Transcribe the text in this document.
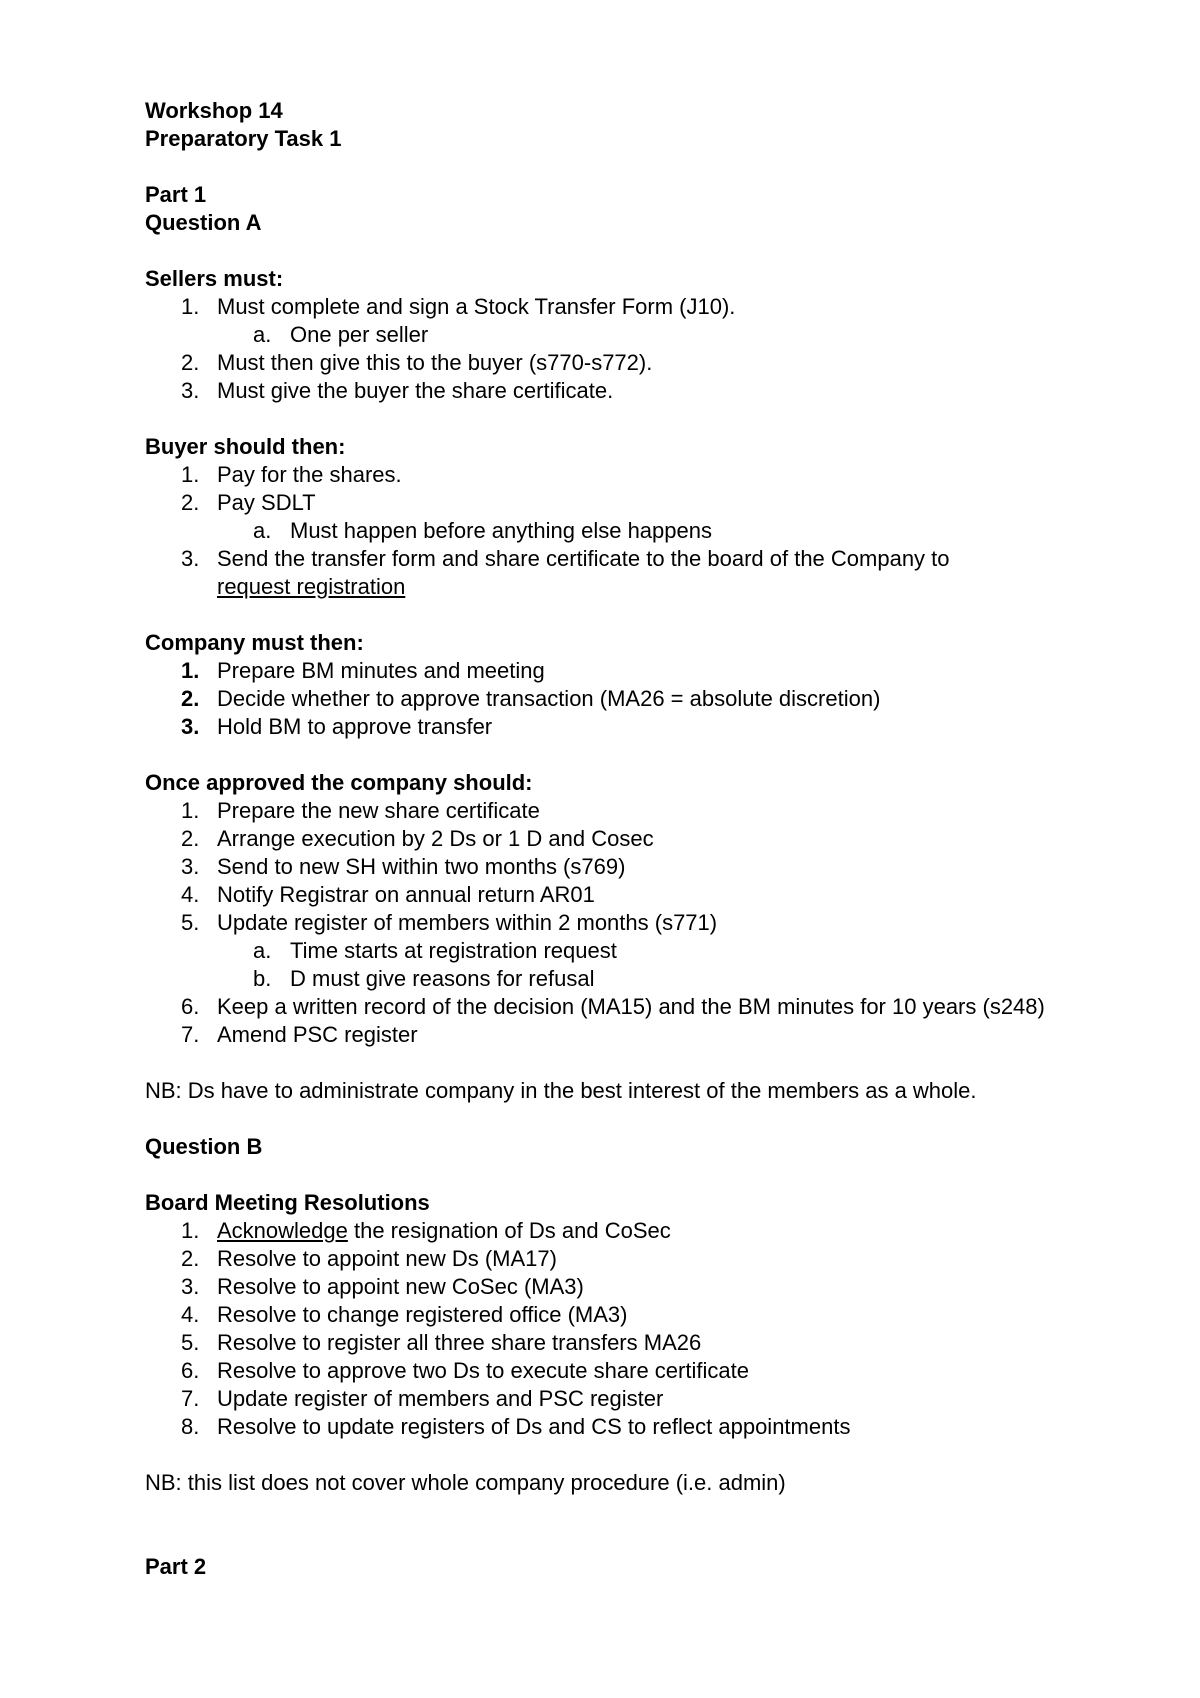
Workshop 14
Preparatory Task 1
Part 1
Question A
Sellers must:
1. Must complete and sign a Stock Transfer Form (J10).
a. One per seller
2. Must then give this to the buyer (s770-s772).
3. Must give the buyer the share certificate.
Buyer should then:
1. Pay for the shares.
2. Pay SDLT
a. Must happen before anything else happens
3. Send the transfer form and share certificate to the board of the Company to
request registration
Company must then:
1. Prepare BM minutes and meeting
2. Decide whether to approve transaction (MA26 = absolute discretion)
3. Hold BM to approve transfer
Once approved the company should:
1. Prepare the new share certificate
2. Arrange execution by 2 Ds or 1 D and Cosec
3. Send to new SH within two months (s769)
4. Notify Registrar on annual return AR01
5. Update register of members within 2 months (s771)
a. Time starts at registration request
b. D must give reasons for refusal
6. Keep a written record of the decision (MA15) and the BM minutes for 10 years (s248)
7. Amend PSC register
NB: Ds have to administrate company in the best interest of the members as a whole.
Question B
Board Meeting Resolutions
1. Acknowledge the resignation of Ds and CoSec
2. Resolve to appoint new Ds (MA17)
3. Resolve to appoint new CoSec (MA3)
4. Resolve to change registered office (MA3)
5. Resolve to register all three share transfers MA26
6. Resolve to approve two Ds to execute share certificate
7. Update register of members and PSC register
8. Resolve to update registers of Ds and CS to reflect appointments
NB: this list does not cover whole company procedure (i.e. admin)
Part 2
